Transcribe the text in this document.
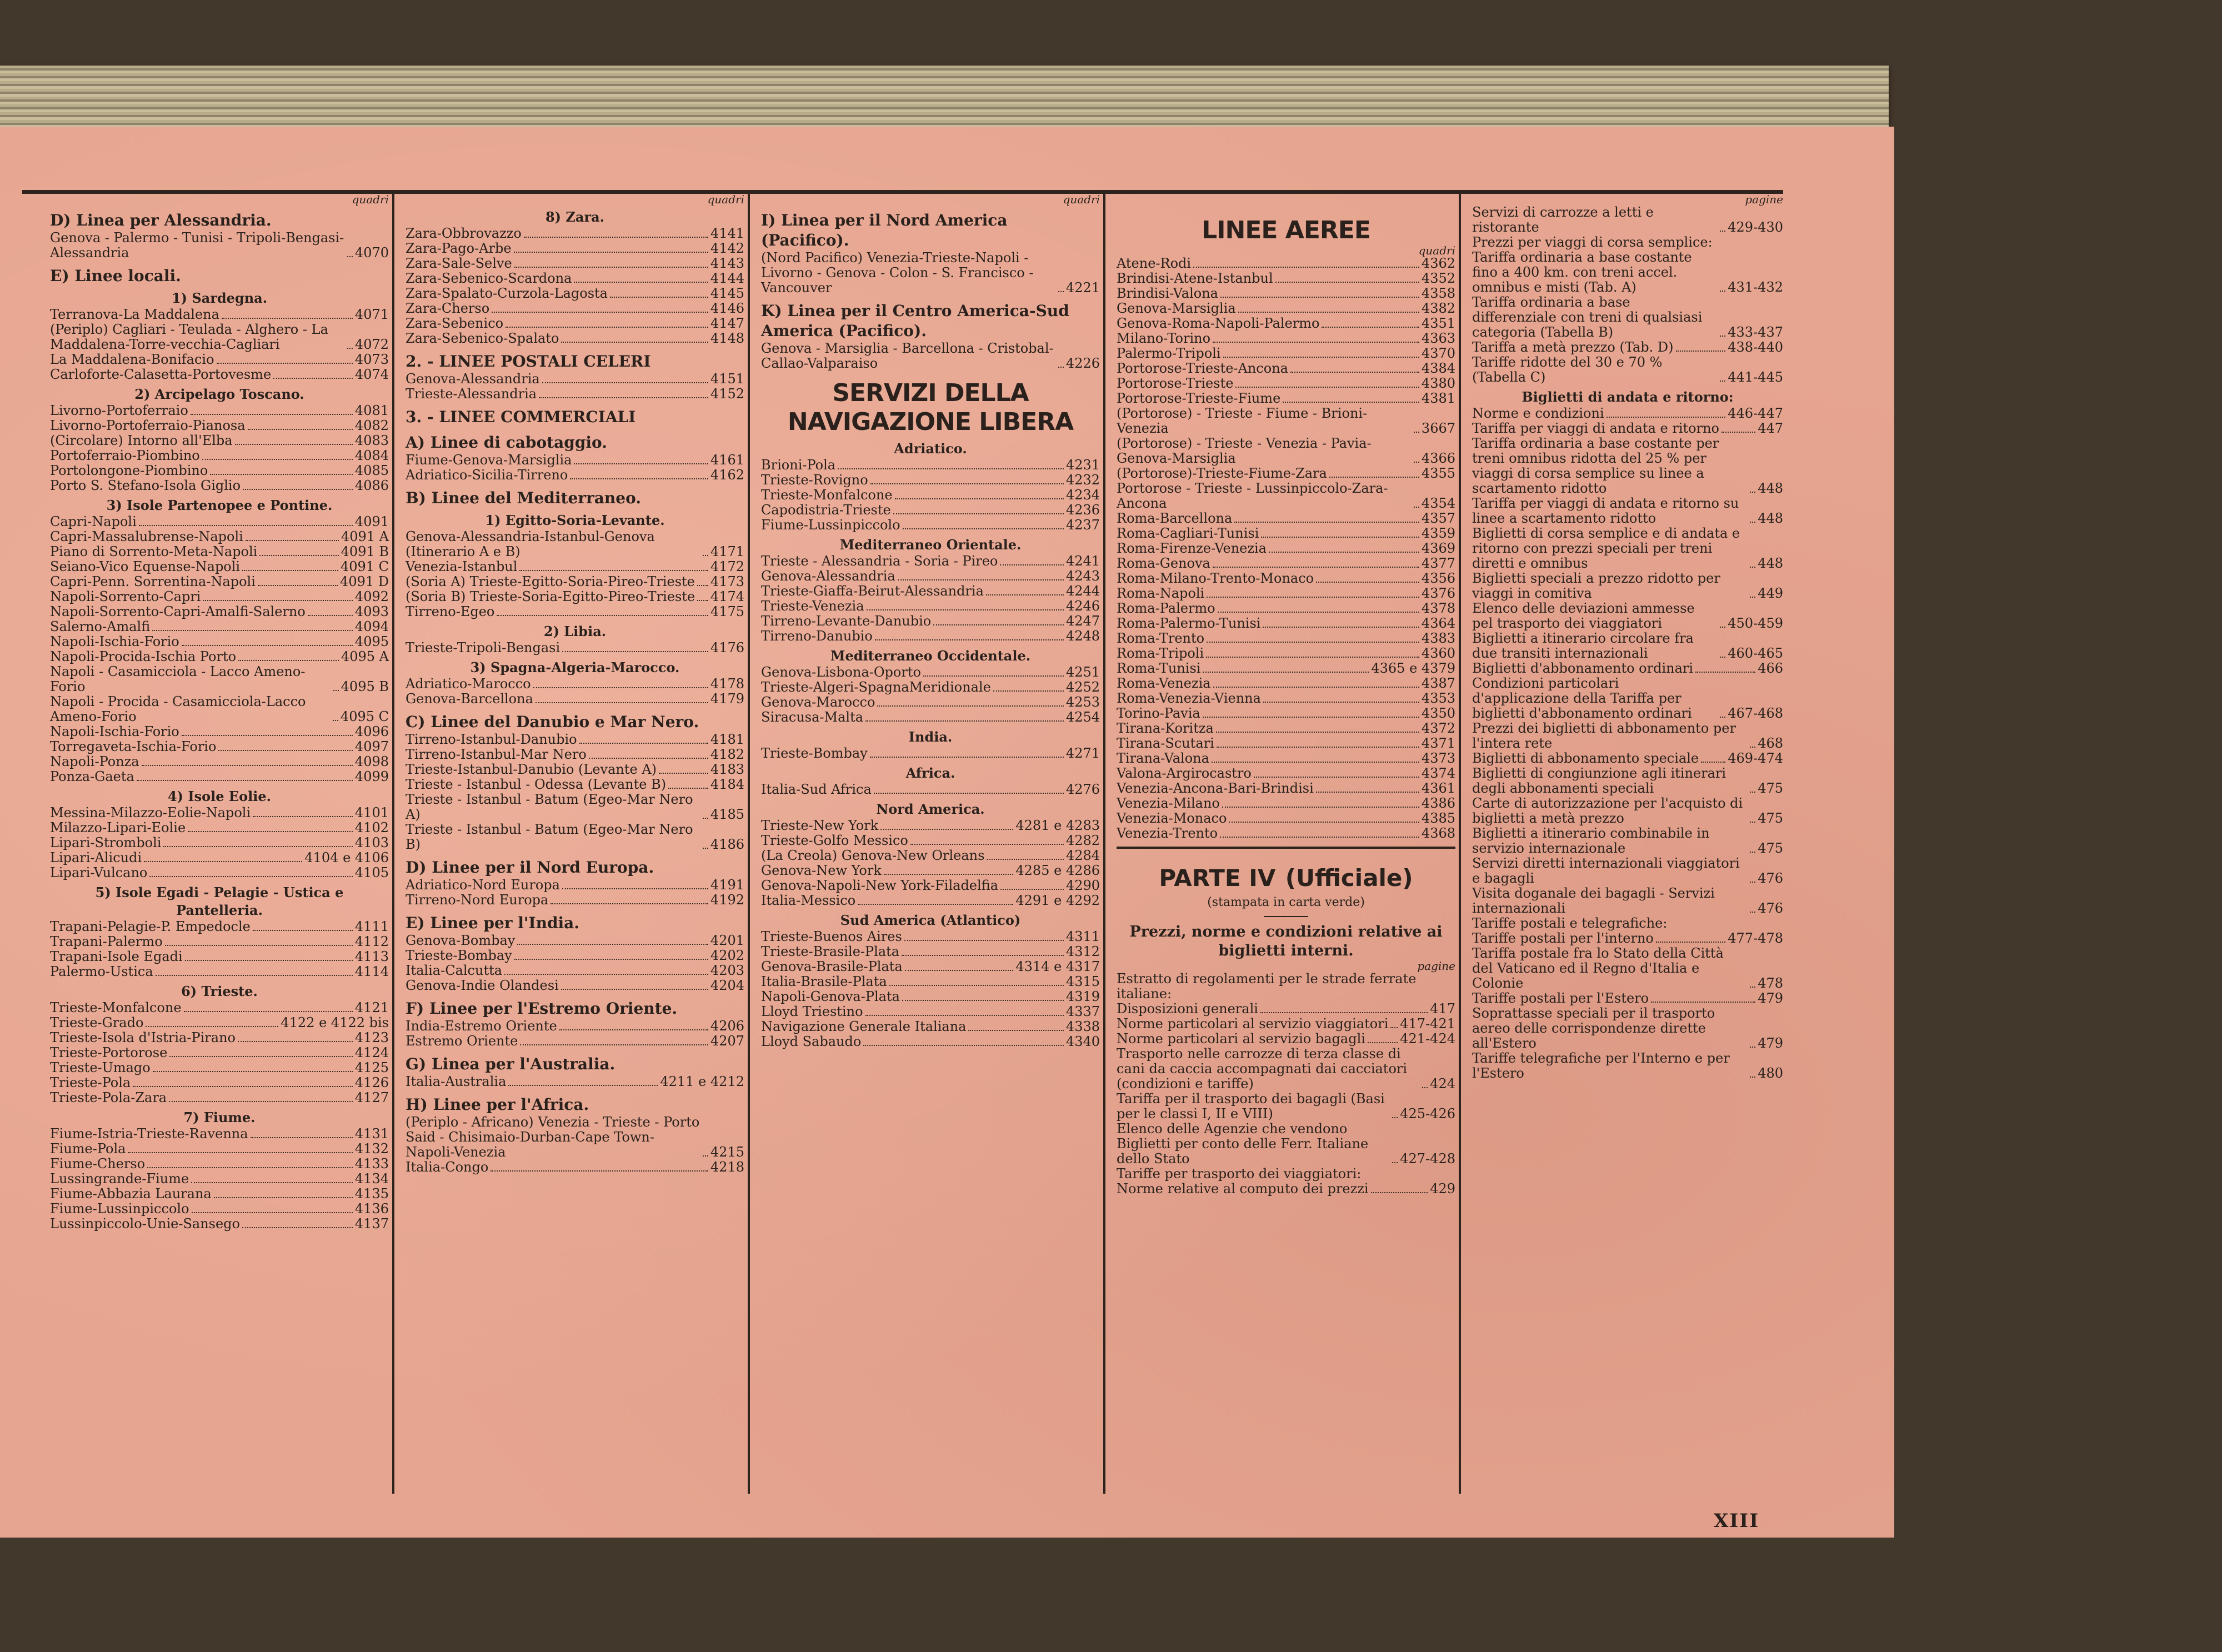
quadri
D) Linea per Alessandria.
Genova - Palermo - Tunisi - Tripoli-Bengasi-Alessandria	4070
E) Linee locali.
1) Sardegna.
Terranova-La Maddalena	4071
(Periplo) Cagliari - Teulada - Alghero - La Maddalena-Torre-vecchia-Cagliari	4072
La Maddalena-Bonifacio	4073
Carloforte-Calasetta-Portovesme	4074
2) Arcipelago Toscano.
Livorno-Portoferraio	4081
Livorno-Portoferraio-Pianosa	4082
(Circolare) Intorno all'Elba	4083
Portoferraio-Piombino	4084
Portolongone-Piombino	4085
Porto S. Stefano-Isola Giglio	4086
3) Isole Partenopee e Pontine.
Capri-Napoli	4091
Capri-Massalubrense-Napoli	4091 A
Piano di Sorrento-Meta-Napoli	4091 B
Seiano-Vico Equense-Napoli	4091 C
Capri-Penn. Sorrentina-Napoli	4091 D
Napoli-Sorrento-Capri	4092
Napoli-Sorrento-Capri-Amalfi-Salerno	4093
Salerno-Amalfi	4094
Napoli-Ischia-Forio	4095
Napoli-Procida-Ischia Porto	4095 A
Napoli - Casamicciola - Lacco Ameno-Forio	4095 B
Napoli - Procida - Casamicciola-Lacco Ameno-Forio	4095 C
Napoli-Ischia-Forio	4096
Torregaveta-Ischia-Forio	4097
Napoli-Ponza	4098
Ponza-Gaeta	4099
4) Isole Eolie.
Messina-Milazzo-Eolie-Napoli	4101
Milazzo-Lipari-Eolie	4102
Lipari-Stromboli	4103
Lipari-Alicudi	4104 e 4106
Lipari-Vulcano	4105
5) Isole Egadi - Pelagie - Ustica e Pantelleria.
Trapani-Pelagie-P. Empedocle	4111
Trapani-Palermo	4112
Trapani-Isole Egadi	4113
Palermo-Ustica	4114
6) Trieste.
Trieste-Monfalcone	4121
Trieste-Grado	4122 e 4122 bis
Trieste-Isola d'Istria-Pirano	4123
Trieste-Portorose	4124
Trieste-Umago	4125
Trieste-Pola	4126
Trieste-Pola-Zara	4127
7) Fiume.
Fiume-Istria-Trieste-Ravenna	4131
Fiume-Pola	4132
Fiume-Cherso	4133
Lussingrande-Fiume	4134
Fiume-Abbazia Laurana	4135
Fiume-Lussinpiccolo	4136
Lussinpiccolo-Unie-Sansego	4137
quadri
8) Zara.
Zara-Obbrovazzo	4141
Zara-Pago-Arbe	4142
Zara-Sale-Selve	4143
Zara-Sebenico-Scardona	4144
Zara-Spalato-Curzola-Lagosta	4145
Zara-Cherso	4146
Zara-Sebenico	4147
Zara-Sebenico-Spalato	4148
2. - LINEE POSTALI CELERI
Genova-Alessandria	4151
Trieste-Alessandria	4152
3. - LINEE COMMERCIALI
A) Linee di cabotaggio.
Fiume-Genova-Marsiglia	4161
Adriatico-Sicilia-Tirreno	4162
B) Linee del Mediterraneo.
1) Egitto-Soria-Levante.
Genova-Alessandria-Istanbul-Genova (Itinerario A e B)	4171
Venezia-Istanbul	4172
(Soria A) Trieste-Egitto-Soria-Pireo-Trieste 4173
(Soria B) Trieste-Soria-Egitto-Pireo-Trieste 4174
Tirreno-Egeo	4175
2) Libia.
Trieste-Tripoli-Bengasi	4176
3) Spagna-Algeria-Marocco.
Adriatico-Marocco	4178
Genova-Barcellona	4179
C) Linee del Danubio e Mar Nero.
Tirreno-Istanbul-Danubio	4181
Tirreno-Istanbul-Mar Nero	4182
Trieste-Istanbul-Danubio (Levante A)	4183
Trieste - Istanbul - Odessa (Levante B)	4184
Trieste - Istanbul - Batum (Egeo-Mar Nero A)	4185
Trieste - Istanbul - Batum (Egeo-Mar Nero B)	4186
D) Linee per il Nord Europa.
Adriatico-Nord Europa	4191
Tirreno-Nord Europa	4192
E) Linee per l'India.
Genova-Bombay	4201
Trieste-Bombay	4202
Italia-Calcutta	4203
Genova-Indie Olandesi	4204
F) Linee per l'Estremo Oriente.
India-Estremo Oriente	4206
Estremo Oriente	4207
G) Linea per l'Australia.
Italia-Australia	4211 e 4212
H) Linee per l'Africa.
(Periplo - Africano) Venezia - Trieste - Porto Said - Chisimaio-Durban-Cape Town-Napoli-Venezia	4215
Italia-Congo	4218
quadri
I) Linea per il Nord America (Pacifico).
(Nord Pacifico) Venezia-Trieste-Napoli - Livorno - Genova - Colon - S. Francisco - Vancouver	4221
K) Linea per il Centro America-Sud America (Pacifico).
Genova - Marsiglia - Barcellona - Cristobal-Callao-Valparaiso	4226
SERVIZI DELLA NAVIGAZIONE LIBERA
Adriatico.
Brioni-Pola	4231
Trieste-Rovigno	4232
Trieste-Monfalcone	4234
Capodistria-Trieste	4236
Fiume-Lussinpiccolo	4237
Mediterraneo Orientale.
Trieste - Alessandria - Soria - Pireo	4241
Genova-Alessandria	4243
Trieste-Giaffa-Beirut-Alessandria	4244
Trieste-Venezia	4246
Tirreno-Levante-Danubio	4247
Tirreno-Danubio	4248
Mediterraneo Occidentale.
Genova-Lisbona-Oporto	4251
Trieste-Algeri-SpagnaMeridionale	4252
Genova-Marocco	4253
Siracusa-Malta	4254
India.
Trieste-Bombay	4271
Africa.
Italia-Sud Africa	4276
Nord America.
Trieste-New York	4281 e 4283
Trieste-Golfo Messico	4282
(La Creola) Genova-New Orleans	4284
Genova-New York	4285 e 4286
Genova-Napoli-New York-Filadelfia	4290
Italia-Messico	4291 e 4292
Sud America (Atlantico)
Trieste-Buenos Aires	4311
Trieste-Brasile-Plata	4312
Genova-Brasile-Plata	4314 e 4317
Italia-Brasile-Plata	4315
Napoli-Genova-Plata	4319
Lloyd Triestino	4337
Navigazione Generale Italiana	4338
Lloyd Sabaudo	4340
LINEE AEREE
quadri
Atene-Rodi	4362
Brindisi-Atene-Istanbul	4352
Brindisi-Valona	4358
Genova-Marsiglia	4382
Genova-Roma-Napoli-Palermo	4351
Milano-Torino	4363
Palermo-Tripoli	4370
Portorose-Trieste-Ancona	4384
Portorose-Trieste	4380
Portorose-Trieste-Fiume	4381
(Portorose) - Trieste - Fiume - Brioni-Venezia	3667
(Portorose) - Trieste - Venezia - Pavia-Genova-Marsiglia	4366
(Portorose)-Trieste-Fiume-Zara	4355
Portorose - Trieste - Lussinpiccolo-Zara-Ancona	4354
Roma-Barcellona	4357
Roma-Cagliari-Tunisi	4359
Roma-Firenze-Venezia	4369
Roma-Genova	4377
Roma-Milano-Trento-Monaco	4356
Roma-Napoli	4376
Roma-Palermo	4378
Roma-Palermo-Tunisi	4364
Roma-Trento	4383
Roma-Tripoli	4360
Roma-Tunisi	4365 e 4379
Roma-Venezia	4387
Roma-Venezia-Vienna	4353
Torino-Pavia	4350
Tirana-Koritza	4372
Tirana-Scutari	4371
Tirana-Valona	4373
Valona-Argirocastro	4374
Venezia-Ancona-Bari-Brindisi	4361
Venezia-Milano	4386
Venezia-Monaco	4385
Venezia-Trento	4368
PARTE IV (Ufficiale)
(stampata in carta verde)
Prezzi, norme e condizioni relative ai biglietti interni.
pagine
Estratto di regolamenti per le strade ferrate italiane:
Disposizioni generali	417
Norme particolari al servizio viaggiatori 417-421
Norme particolari al servizio bagagli	421-424
Trasporto nelle carrozze di terza classe di cani da caccia accompagnati dai cacciatori (condizioni e tariffe)	424
Tariffa per il trasporto dei bagagli (Basi per le classi I, II e VIII)	425-426
Elenco delle Agenzie che vendono Biglietti per conto delle Ferr. Italiane dello Stato	427-428
Tariffe per trasporto dei viaggiatori:
Norme relative al computo dei prezzi	429
pagine
Servizi di carrozze a letti e ristorante	429-430
Prezzi per viaggi di corsa semplice:
Tariffa ordinaria a base costante fino a 400 km. con treni accel. omnibus e misti (Tab. A)	431-432
Tariffa ordinaria a base differenziale con treni di qualsiasi categoria (Tabella B)	433-437
Tariffa a metà prezzo (Tab. D)	438-440
Tariffe ridotte del 30 e 70 % (Tabella C)	441-445
Biglietti di andata e ritorno:
Norme e condizioni	446-447
Tariffa per viaggi di andata e ritorno	447
Tariffa ordinaria a base costante per treni omnibus ridotta del 25 % per viaggi di corsa semplice su linee a scartamento ridotto	448
Tariffa per viaggi di andata e ritorno su linee a scartamento ridotto	448
Biglietti di corsa semplice e di andata e ritorno con prezzi speciali per treni diretti e omnibus	448
Biglietti speciali a prezzo ridotto per viaggi in comitiva	449
Elenco delle deviazioni ammesse pel trasporto dei viaggiatori	450-459
Biglietti a itinerario circolare fra due transiti internazionali	460-465
Biglietti d'abbonamento ordinari	466
Condizioni particolari d'applicazione della Tariffa per biglietti d'abbonamento ordinari	467-468
Prezzi dei biglietti di abbonamento per l'intera rete	468
Biglietti di abbonamento speciale 469-474
Biglietti di congiunzione agli itinerari degli abbonamenti speciali	475
Carte di autorizzazione per l'acquisto di biglietti a metà prezzo	475
Biglietti a itinerario combinabile in servizio internazionale	475
Servizi diretti internazionali viaggiatori e bagagli	476
Visita doganale dei bagagli - Servizi internazionali	476
Tariffe postali e telegrafiche:
Tariffe postali per l'interno	477-478
Tariffa postale fra lo Stato della Città del Vaticano ed il Regno d'Italia e Colonie	478
Tariffe postali per l'Estero	479
Soprattasse speciali per il trasporto aereo delle corrispondenze dirette all'Estero	479
Tariffe telegrafiche per l'Interno e per l'Estero	480
XIII
